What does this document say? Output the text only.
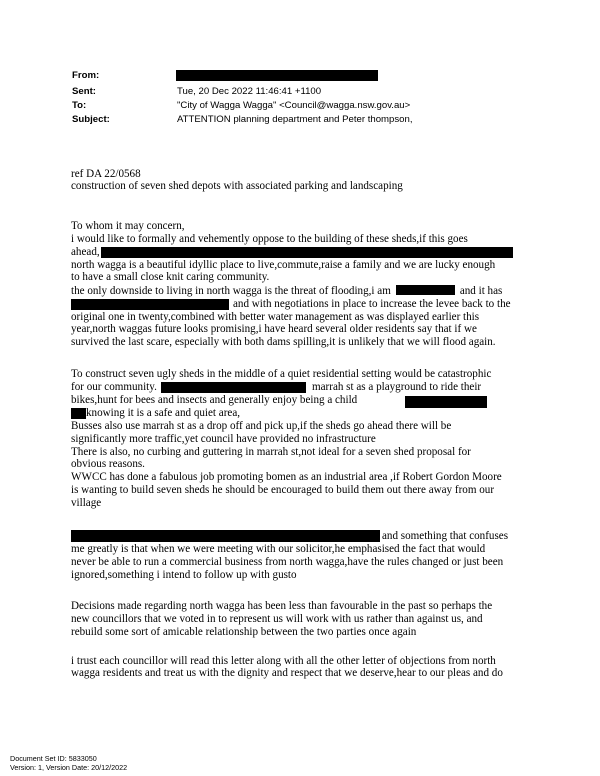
From:
Sent:	Tue, 20 Dec 2022 11:46:41 +1100
To:	"City of Wagga Wagga" <Council@wagga.nsw.gov.au>
Subject:	ATTENTION planning department and Peter thompson,
ref DA 22/0568
construction of seven shed depots with associated parking and landscaping
To whom it may concern,
i would like to formally and vehemently oppose to the building of these sheds,if this goes
ahead,
north wagga is a beautiful idyllic place to live,commute,raise a family and we are lucky enough
to have a small close knit caring community.
the only downside to living in north wagga is the threat of flooding,i am	and it has
and with negotiations in place to increase the levee back to the
original one in twenty,combined with better water management as was displayed earlier this
year,north waggas future looks promising,i have heard several older residents say that if we
survived the last scare, especially with both dams spilling,it is unlikely that we will flood again.
To construct seven ugly sheds in the middle of a quiet residential setting would be catastrophic
for our community.	marrah st as a playground to ride their
bikes,hunt for bees and insects and generally enjoy being a child
knowing it is a safe and quiet area,
Busses also use marrah st as a drop off and pick up,if the sheds go ahead there will be
significantly more traffic,yet council have provided no infrastructure
There is also, no curbing and guttering in marrah st,not ideal for a seven shed proposal for
obvious reasons.
WWCC has done a fabulous job promoting bomen as an industrial area ,if Robert Gordon Moore
is wanting to build seven sheds he should be encouraged to build them out there away from our
village
and something that confuses
me greatly is that when we were meeting with our solicitor,he emphasised the fact that would
never be able to run a commercial business from north wagga,have the rules changed or just been
ignored,something i intend to follow up with gusto
Decisions made regarding north wagga has been less than favourable in the past so perhaps the
new councillors that we voted in to represent us will work with us rather than against us, and
rebuild some sort of amicable relationship between the two parties once again
i trust each councillor will read this letter along with all the other letter of objections from north
wagga residents and treat us with the dignity and respect that we deserve,hear to our pleas and do
Document Set ID: 5833050
Version: 1, Version Date: 20/12/2022
